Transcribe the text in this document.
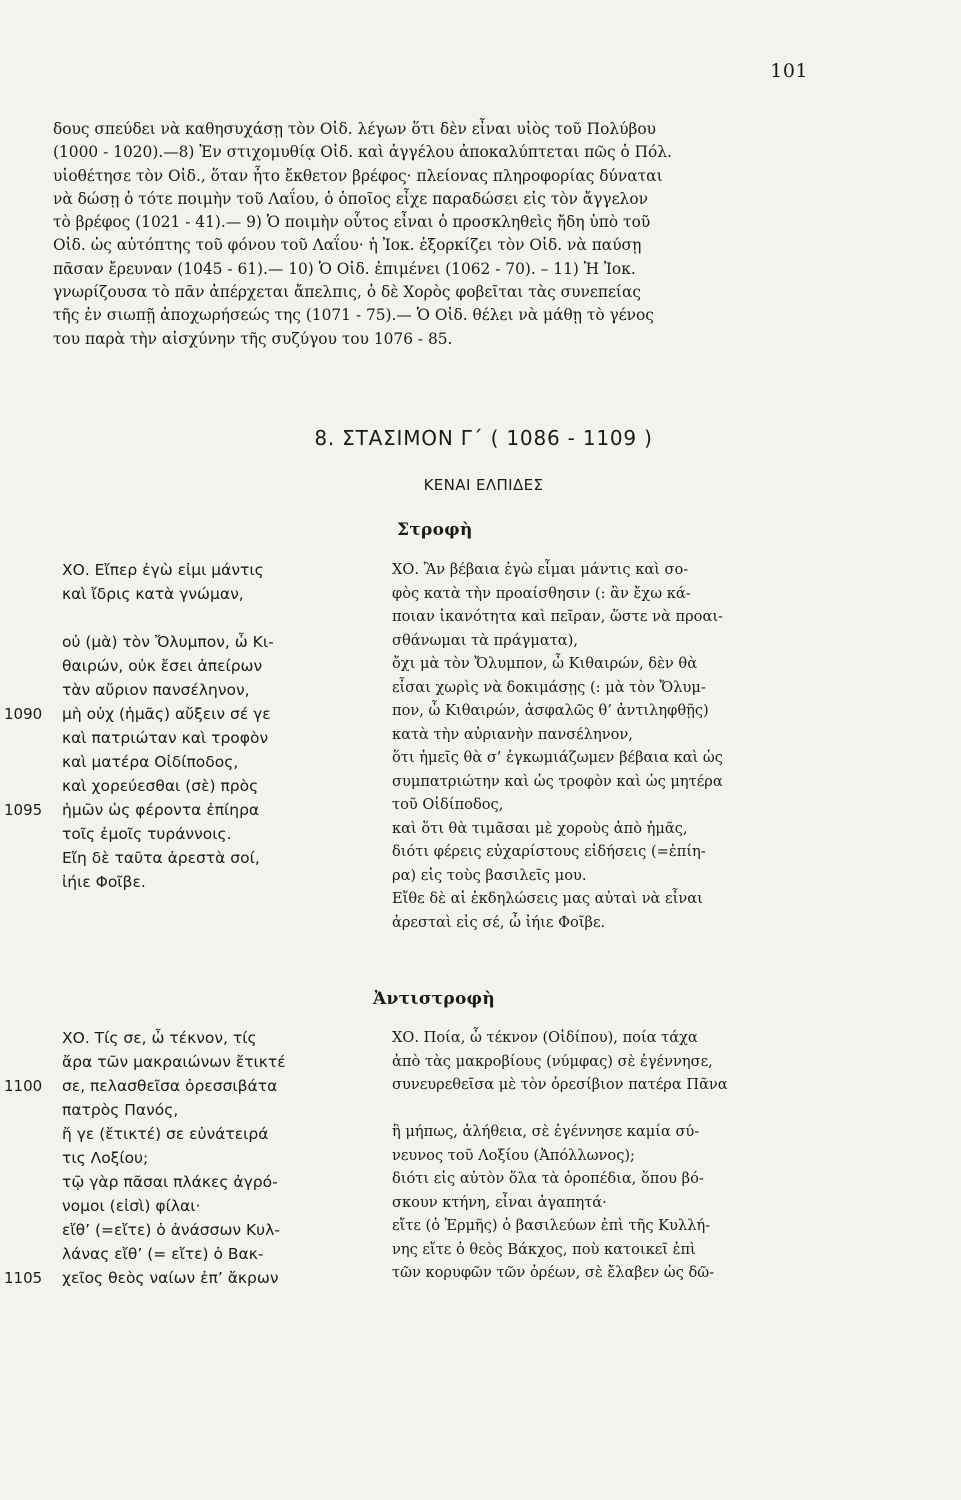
101
δους σπεύδει νὰ καθησυχάσῃ τὸν Οἰδ. λέγων ὅτι δὲν εἶναι υἱὸς τοῦ Πολύβου
(1000 - 1020).—8) Ἐν στιχομυθίᾳ Οἰδ. καὶ ἀγγέλου ἀποκαλύπτεται πῶς ὁ Πόλ.
υἱοθέτησε τὸν Οἰδ., ὅταν ἦτο ἔκθετον βρέφος· πλείονας πληροφορίας δύναται
νὰ δώσῃ ὁ τότε ποιμὴν τοῦ Λαΐου, ὁ ὁποῖος εἶχε παραδώσει εἰς τὸν ἄγγελον
τὸ βρέφος (1021 - 41).— 9) Ὁ ποιμὴν οὗτος εἶναι ὁ προσκληθεὶς ἤδη ὑπὸ τοῦ
Οἰδ. ὡς αὐτόπτης τοῦ φόνου τοῦ Λαΐου· ἡ Ἰοκ. ἐξορκίζει τὸν Οἰδ. νὰ παύσῃ
πᾶσαν ἔρευναν (1045 - 61).— 10) Ὁ Οἰδ. ἐπιμένει (1062 - 70). – 11) Ἡ Ἰοκ.
γνωρίζουσα τὸ πᾶν ἀπέρχεται ἄπελπις, ὁ δὲ Χορὸς φοβεῖται τὰς συνεπείας
τῆς ἐν σιωπῇ ἀποχωρήσεώς της (1071 - 75).— Ὁ Οἰδ. θέλει νὰ μάθῃ τὸ γένος
του παρὰ τὴν αἰσχύνην τῆς συζύγου του 1076 - 85.
8. ΣΤΑΣΙΜΟΝ Γ΄ ( 1086 - 1109 )
ΚΕΝΑΙ ΕΛΠΙΔΕΣ
Στροφὴ
ΧΟ. Εἴπερ ἐγὼ εἰμι μάντις
καὶ ἴδρις κατὰ γνώμαν,
οὐ (μὰ) τὸν Ὄλυμπον, ὦ Κι-
θαιρών, οὐκ ἔσει ἀπείρων
τὰν αὔριον πανσέληνον,
1090 μὴ οὐχ (ἡμᾶς) αὔξειν σέ γε
καὶ πατριώταν καὶ τροφὸν
καὶ ματέρα Οἰδίποδος,
καὶ χορεύεσθαι (σὲ) πρὸς
1095 ἡμῶν ὡς φέροντα ἐπίηρα
τοῖς ἐμοῖς τυράννοις.
Εἴη δὲ ταῦτα ἀρεστὰ σοί,
ἰήιε Φοῖβε.
ΧΟ. Ἂν βέβαια ἐγὼ εἶμαι μάντις καὶ σο-
φὸς κατὰ τὴν προαίσθησιν (: ἂν ἔχω κά-
ποιαν ἱκανότητα καὶ πεῖραν, ὥστε νὰ προαι-
σθάνωμαι τὰ πράγματα),
ὄχι μὰ τὸν Ὄλυμπον, ὦ Κιθαιρών, δὲν θὰ
εἶσαι χωρὶς νὰ δοκιμάσῃς (: μὰ τὸν Ὄλυμ-
πον, ὦ Κιθαιρών, ἀσφαλῶς θ’ ἀντιληφθῇς)
κατὰ τὴν αὐριανὴν πανσέληνον,
ὅτι ἡμεῖς θὰ σ’ ἐγκωμιάζωμεν βέβαια καὶ ὡς
συμπατριώτην καὶ ὡς τροφὸν καὶ ὡς μητέρα
τοῦ Οἰδίποδος,
καὶ ὅτι θὰ τιμᾶσαι μὲ χοροὺς ἀπὸ ἡμᾶς,
διότι φέρεις εὐχαρίστους εἰδήσεις (=ἐπίη-
ρα) εἰς τοὺς βασιλεῖς μου.
Εἴθε δὲ αἱ ἐκδηλώσεις μας αὐταὶ νὰ εἶναι
ἀρεσταὶ εἰς σέ, ὦ ἰήιε Φοῖβε.
Ἀντιστροφὴ
ΧΟ. Τίς σε, ὦ τέκνον, τίς
ἄρα τῶν μακραιώνων ἔτικτέ
1100 σε, πελασθεῖσα ὀρεσσιβάτα
πατρὸς Πανός,
ἤ γε (ἔτικτέ) σε εὐνάτειρά
τις Λοξίου;
τῷ γὰρ πᾶσαι πλάκες ἀγρό-
νομοι (εἰσὶ) φίλαι·
εἴθ’ (=εἴτε) ὁ ἀνάσσων Κυλ-
λάνας εἴθ’ (= εἴτε) ὁ Βακ-
1105 χεῖος θεὸς ναίων ἐπ’ ἄκρων
ΧΟ. Ποία, ὦ τέκνον (Οἰδίπου), ποία τάχα
ἀπὸ τὰς μακροβίους (νύμφας) σὲ ἐγέννησε,
συνευρεθεῖσα μὲ τὸν ὀρεσίβιον πατέρα Πᾶνα
ἢ μήπως, ἀλήθεια, σὲ ἐγέννησε καμία σύ-
νευνος τοῦ Λοξίου (Ἀπόλλωνος);
διότι εἰς αὐτὸν ὅλα τὰ ὀροπέδια, ὅπου βό-
σκουν κτήνη, εἶναι ἀγαπητά·
εἴτε (ὁ Ἑρμῆς) ὁ βασιλεύων ἐπὶ τῆς Κυλλή-
νης εἴτε ὁ θεὸς Βάκχος, ποὺ κατοικεῖ ἐπὶ
τῶν κορυφῶν τῶν ὀρέων, σὲ ἔλαβεν ὡς δῶ-
